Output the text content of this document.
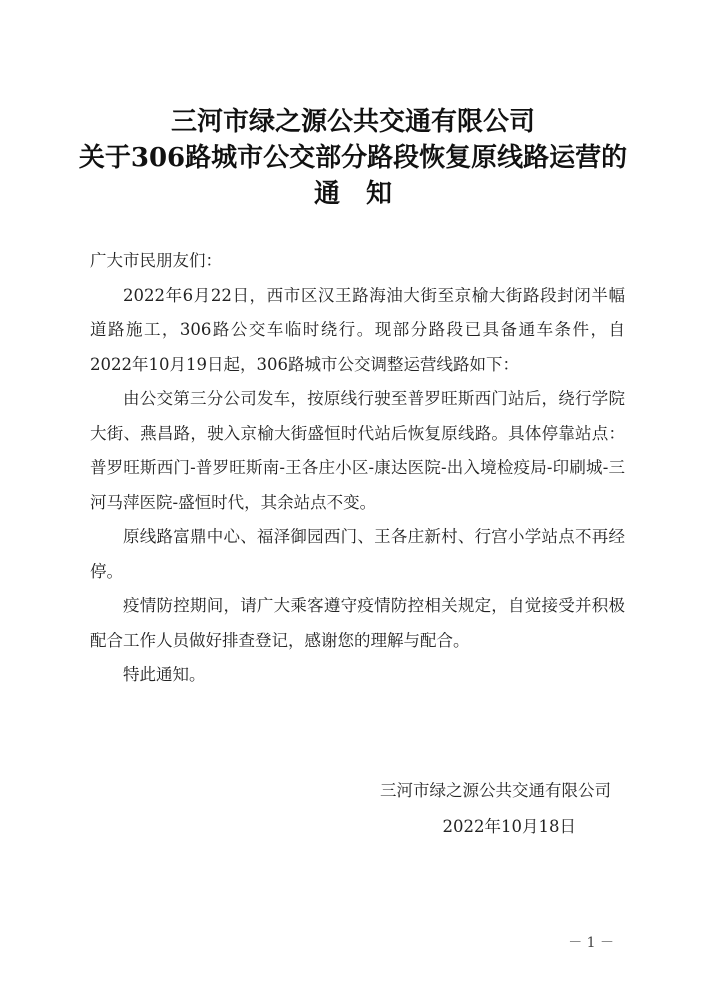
三河市绿之源公共交通有限公司
关于306路城市公交部分路段恢复原线路运营的
通　知

广大市民朋友们：

2022年6月22日，西市区汉王路海油大街至京榆大街路段封闭半幅道路施工，306路公交车临时绕行。现部分路段已具备通车条件，自2022年10月19日起，306路城市公交调整运营线路如下：

由公交第三分公司发车，按原线行驶至普罗旺斯西门站后，绕行学院大街、燕昌路，驶入京榆大街盛恒时代站后恢复原线路。具体停靠站点：普罗旺斯西门-普罗旺斯南-王各庄小区-康达医院-出入境检疫局-印刷城-三河马萍医院-盛恒时代，其余站点不变。

原线路富鼎中心、福泽御园西门、王各庄新村、行宫小学站点不再经停。

疫情防控期间，请广大乘客遵守疫情防控相关规定，自觉接受并积极配合工作人员做好排查登记，感谢您的理解与配合。

特此通知。

三河市绿之源公共交通有限公司
2022年10月18日
－ 1 －
